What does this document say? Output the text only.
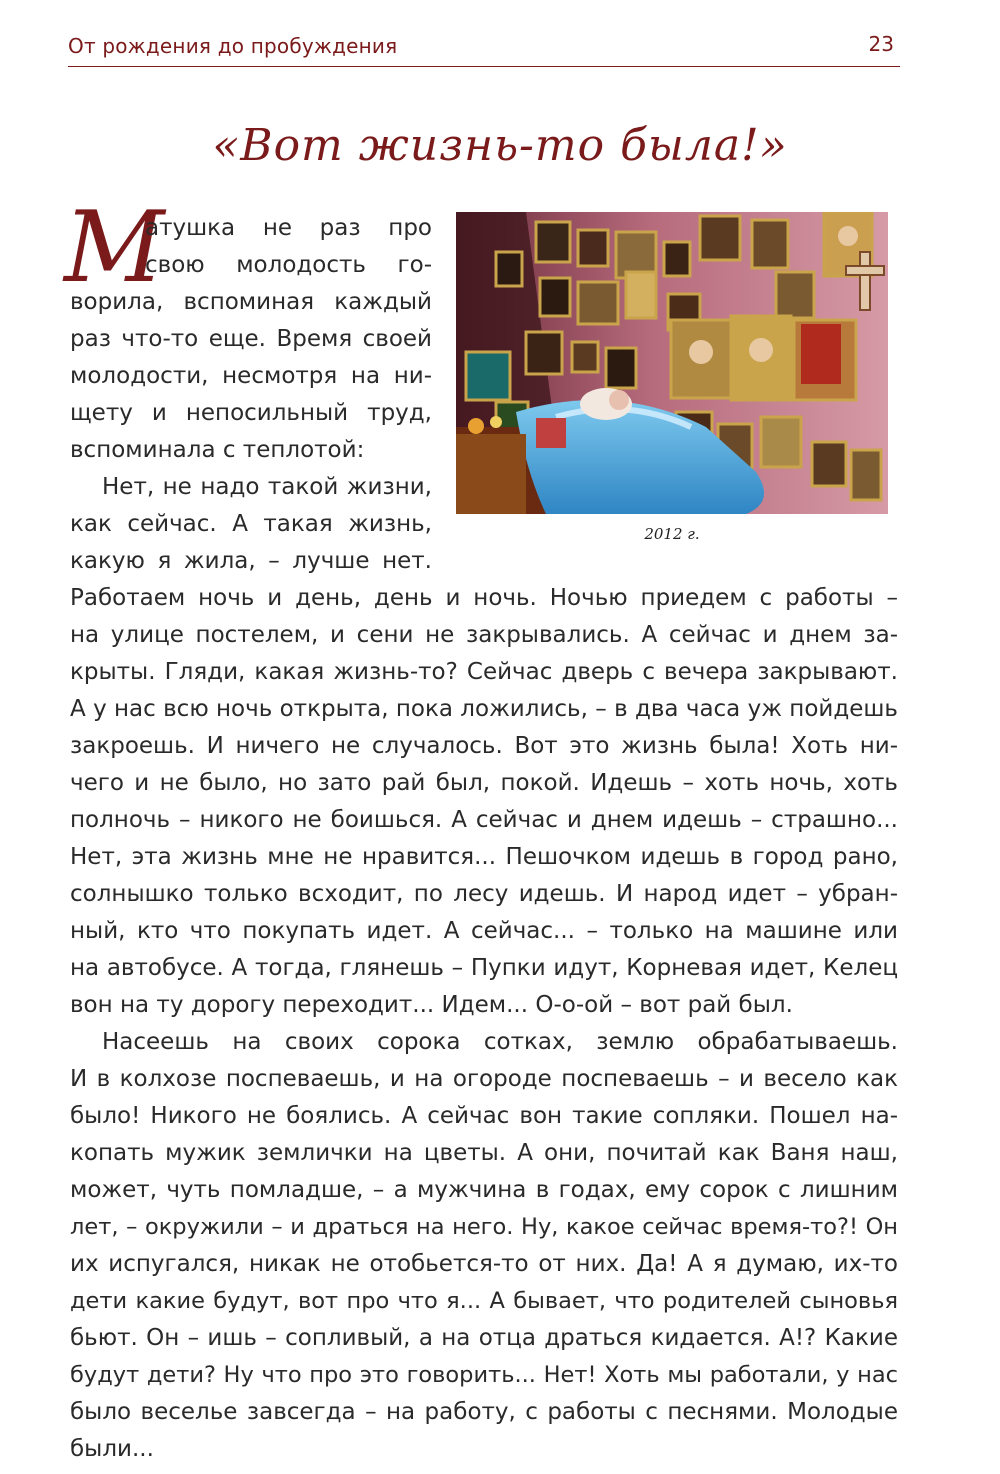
От рождения до пробуждения	23
«Вот жизнь-то была!»
2012 г.
М
атушка не раз про
свою молодость го-
ворила, вспоминая каждый
раз что-то еще. Время своей
молодости, несмотря на ни-
щету и непосильный труд,
вспоминала с теплотой:
Нет, не надо такой жизни,
как сейчас. А такая жизнь,
какую я жила, – лучше нет.
Работаем ночь и день, день и ночь. Ночью приедем с работы –
на улице постелем, и сени не закрывались. А сейчас и днем за-
крыты. Гляди, какая жизнь-то? Сейчас дверь с вечера закрывают.
А у нас всю ночь открыта, пока ложились, – в два часа уж пойдешь
закроешь. И ничего не случалось. Вот это жизнь была! Хоть ни-
чего и не было, но зато рай был, покой. Идешь – хоть ночь, хоть
полночь – никого не боишься. А сейчас и днем идешь – страшно...
Нет, эта жизнь мне не нравится... Пешочком идешь в город рано,
солнышко только всходит, по лесу идешь. И народ идет – убран-
ный, кто что покупать идет. А сейчас... – только на машине или
на автобусе. А тогда, глянешь – Пупки идут, Корневая идет, Келец
вон на ту дорогу переходит... Идем... О-о-ой – вот рай был.
Насеешь на своих сорока сотках, землю обрабатываешь.
И в колхозе поспеваешь, и на огороде поспеваешь – и весело как
было! Никого не боялись. А сейчас вон такие сопляки. Пошел на-
копать мужик землички на цветы. А они, почитай как Ваня наш,
может, чуть помладше, – а мужчина в годах, ему сорок с лишним
лет, – окружили – и драться на него. Ну, какое сейчас время-то?! Он
их испугался, никак не отобьется-то от них. Да! А я думаю, их-то
дети какие будут, вот про что я... А бывает, что родителей сыновья
бьют. Он – ишь – сопливый, а на отца драться кидается. А!? Какие
будут дети? Ну что про это говорить... Нет! Хоть мы работали, у нас
было веселье завсегда – на работу, с работы с песнями. Молодые
были...
